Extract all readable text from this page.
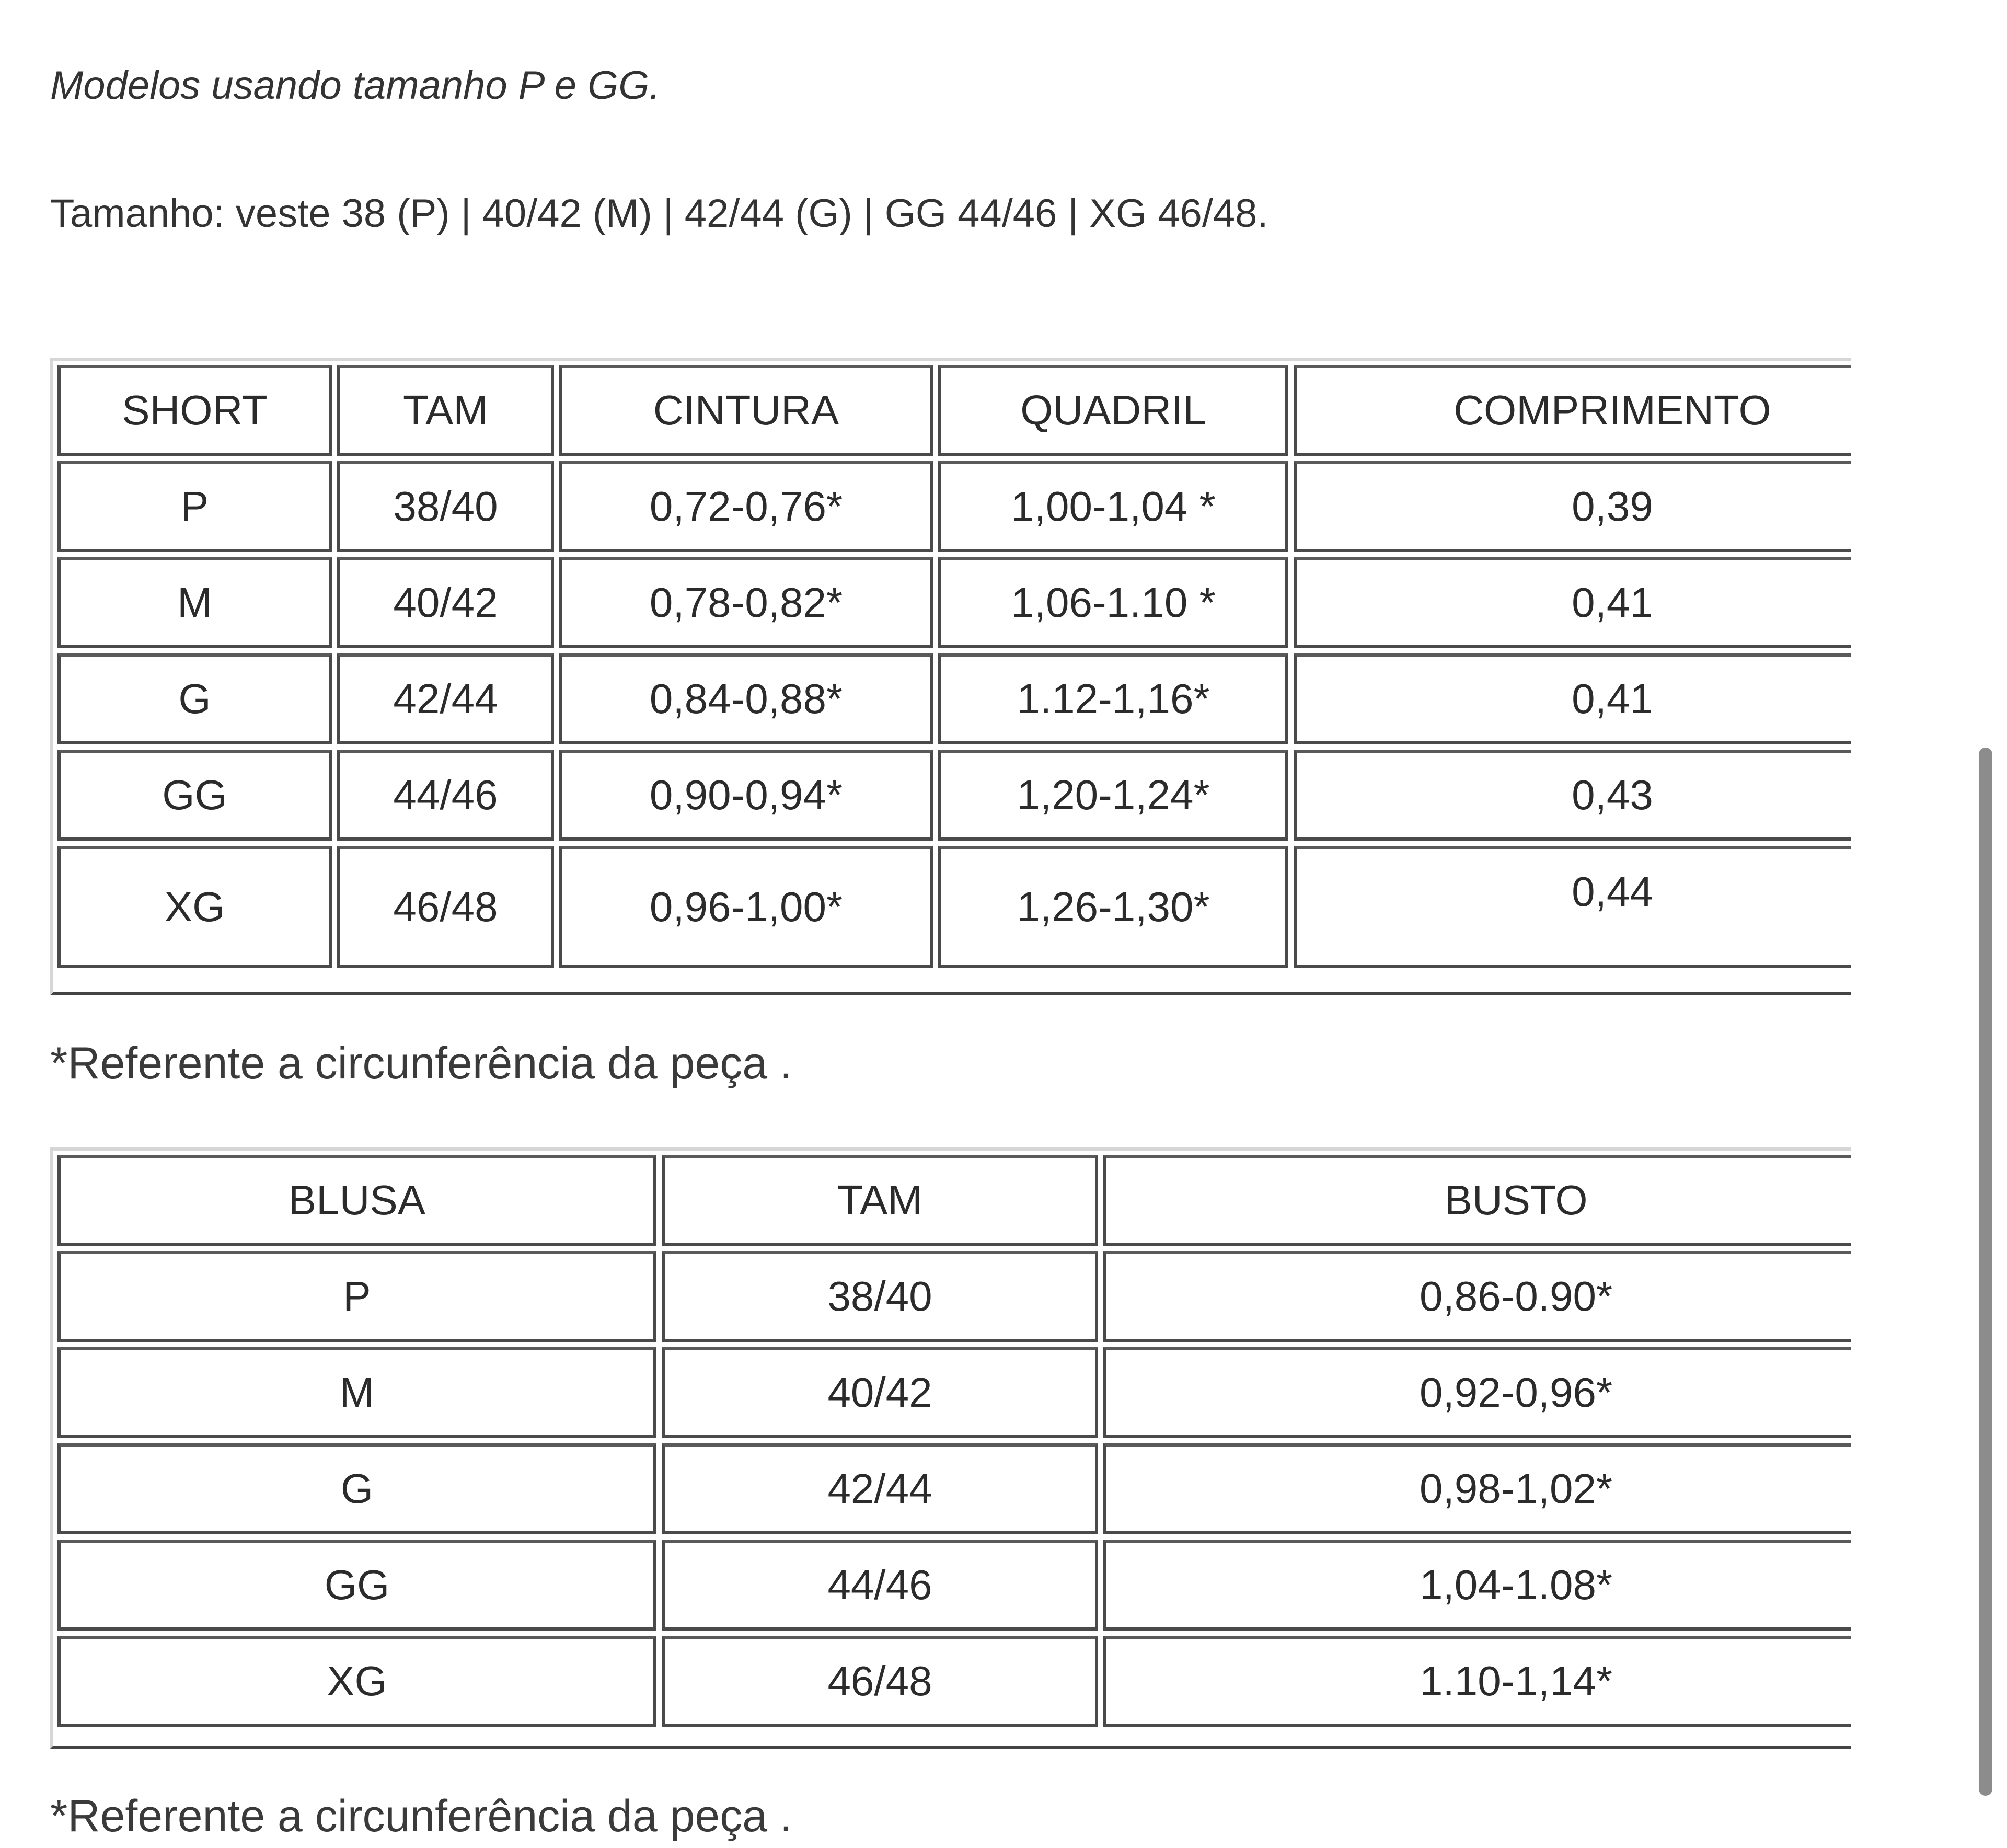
Modelos usando tamanho P e GG.
Tamanho: veste 38 (P) | 40/42 (M) | 42/44 (G) | GG 44/46 | XG 46/48.
SHORT	TAM	CINTURA	QUADRIL	COMPRIMENTO
P	38/40	0,72-0,76*	1,00-1,04 *	0,39
M	40/42	0,78-0,82*	1,06-1.10 *	0,41
G	42/44	0,84-0,88*	1.12-1,16*	0,41
GG	44/46	0,90-0,94*	1,20-1,24*	0,43
XG	46/48	0,96-1,00*	1,26-1,30*	0,44
*Referente a circunferência da peça .
BLUSA	TAM	BUSTO
P	38/40	0,86-0.90*
M	40/42	0,92-0,96*
G	42/44	0,98-1,02*
GG	44/46	1,04-1.08*
XG	46/48	1.10-1,14*
*Referente a circunferência da peça .
